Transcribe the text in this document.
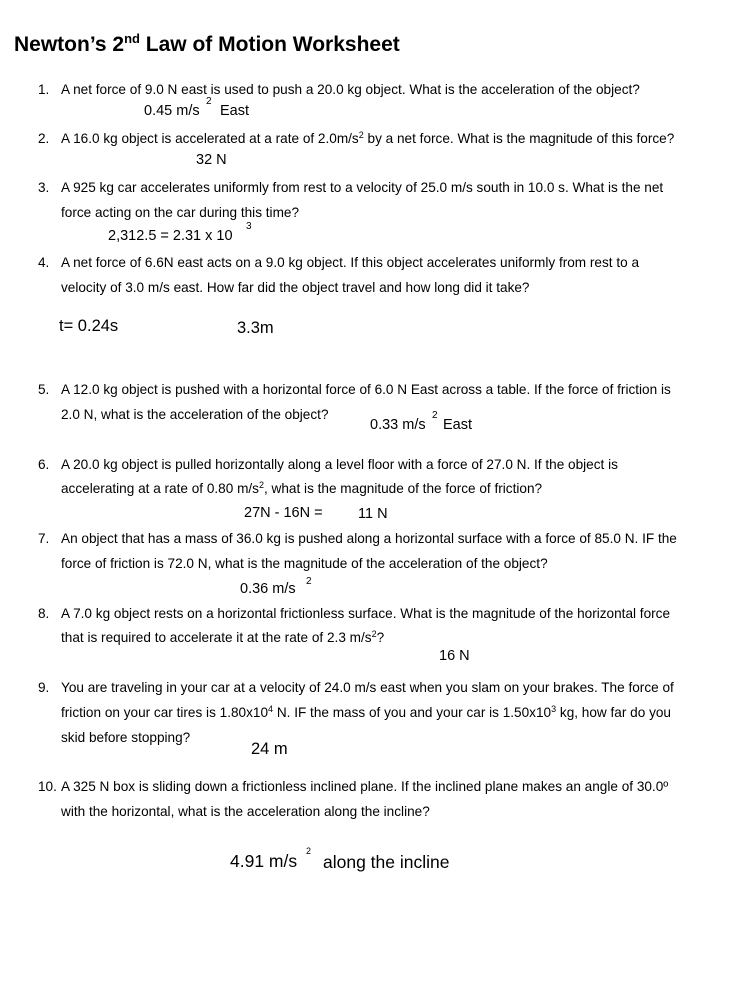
Newton’s 2nd Law of Motion Worksheet
1. A net force of 9.0 N east is used to push a 20.0 kg object. What is the acceleration of the object?
0.45 m/s
2
East
2. A 16.0 kg object is accelerated at a rate of $2.0m/s^2$ by a net force. What is the magnitude of this force?
32 N
3. A 925 kg car accelerates uniformly from rest to a velocity of 25.0 m/s south in 10.0 s. What is the net
force acting on the car during this time?
2,312.5 = 2.31 x 10
3
4. A net force of 6.6N east acts on a 9.0 kg object. If this object accelerates uniformly from rest to a
velocity of 3.0 m/s east. How far did the object travel and how long did it take?
t= 0.24s	3.3m
5. A 12.0 kg object is pushed with a horizontal force of 6.0 N East across a table. If the force of friction is
2.0 N, what is the acceleration of the object?
0.33 m/s
2
East
6. A 20.0 kg object is pulled horizontally along a level floor with a force of 27.0 N. If the object is
accelerating at a rate of 0.80 $m/s^2$, what is the magnitude of the force of friction?
27N - 16N = 11 N
7. An object that has a mass of 36.0 kg is pushed along a horizontal surface with a force of 85.0 N. IF the
force of friction is 72.0 N, what is the magnitude of the acceleration of the object?
0.36 m/s 2
8. A 7.0 kg object rests on a horizontal frictionless surface. What is the magnitude of the horizontal force
that is required to accelerate it at the rate of 2.3 $m/s^2$?
16 N
9. You are traveling in your car at a velocity of 24.0 m/s east when you slam on your brakes. The force of
friction on your car tires is $1.80x10^4$ N. IF the mass of you and your car is $1.50x10^3$ kg, how far do you
skid before stopping?
24 m
10. A 325 N box is sliding down a frictionless inclined plane. If the inclined plane makes an angle of 30.0º
with the horizontal, what is the acceleration along the incline?
4.91 m/s 2
along the incline
